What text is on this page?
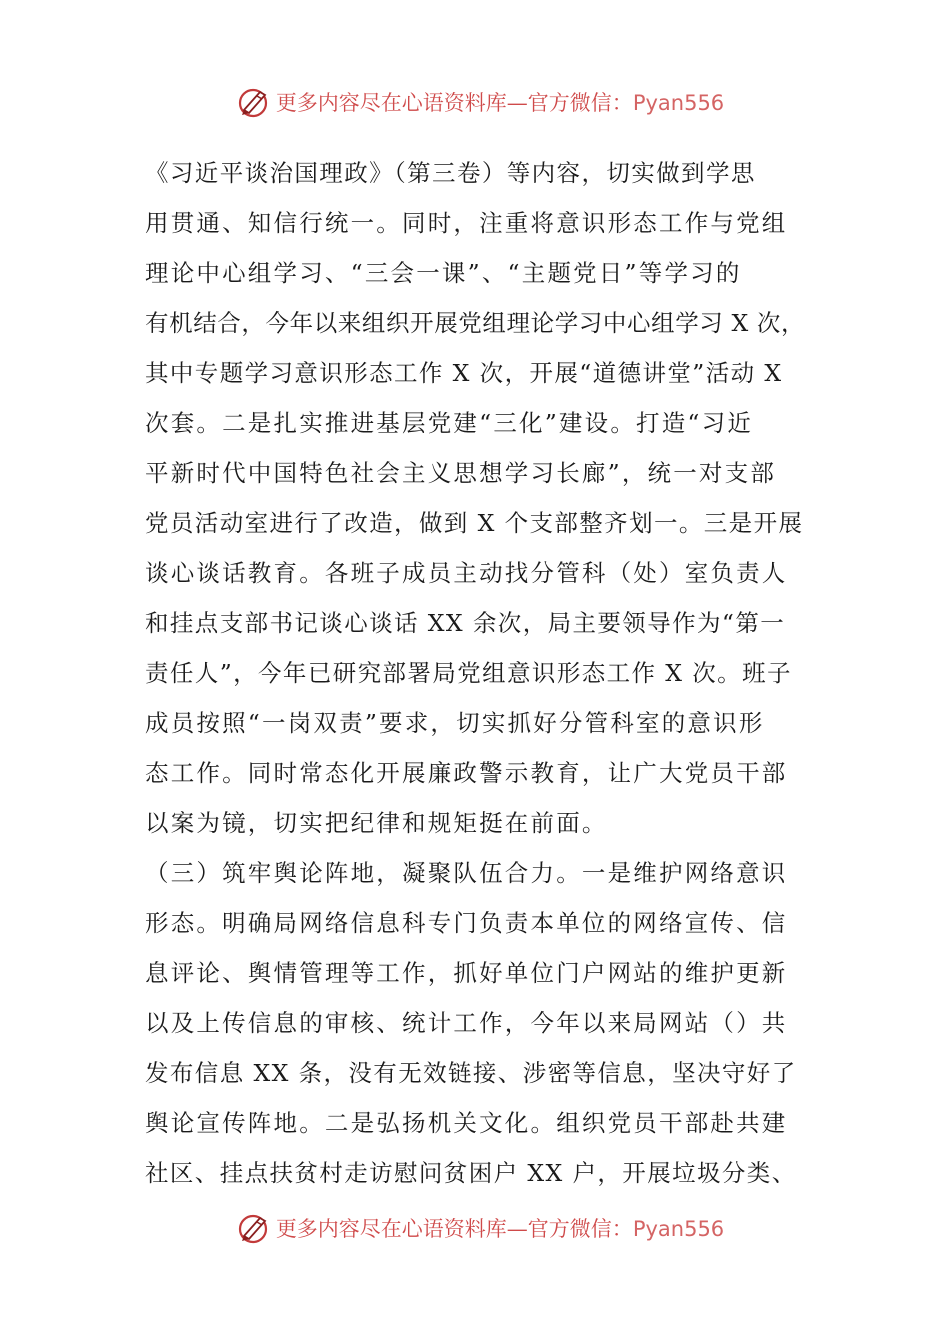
更多内容尽在心语资料库—官方微信：Pyan556
《习近平谈治国理政》（第三卷）等内容，切实做到学思
用贯通、知信行统一。同时，注重将意识形态工作与党组
理论中心组学习、“三会一课”、“主题党日”等学习的
有机结合，今年以来组织开展党组理论学习中心组学习 X 次，
其中专题学习意识形态工作 X 次，开展“道德讲堂”活动 X
次套。二是扎实推进基层党建“三化”建设。打造“习近
平新时代中国特色社会主义思想学习长廊”，统一对支部
党员活动室进行了改造，做到 X 个支部整齐划一。三是开展
谈心谈话教育。各班子成员主动找分管科（处）室负责人
和挂点支部书记谈心谈话 XX 余次，局主要领导作为“第一
责任人”，今年已研究部署局党组意识形态工作 X 次。班子
成员按照“一岗双责”要求，切实抓好分管科室的意识形
态工作。同时常态化开展廉政警示教育，让广大党员干部
以案为镜，切实把纪律和规矩挺在前面。
（三）筑牢舆论阵地，凝聚队伍合力。一是维护网络意识
形态。明确局网络信息科专门负责本单位的网络宣传、信
息评论、舆情管理等工作，抓好单位门户网站的维护更新
以及上传信息的审核、统计工作，今年以来局网站（）共
发布信息 XX 条，没有无效链接、涉密等信息，坚决守好了
舆论宣传阵地。二是弘扬机关文化。组织党员干部赴共建
社区、挂点扶贫村走访慰问贫困户 XX 户，开展垃圾分类、
更多内容尽在心语资料库—官方微信：Pyan556
